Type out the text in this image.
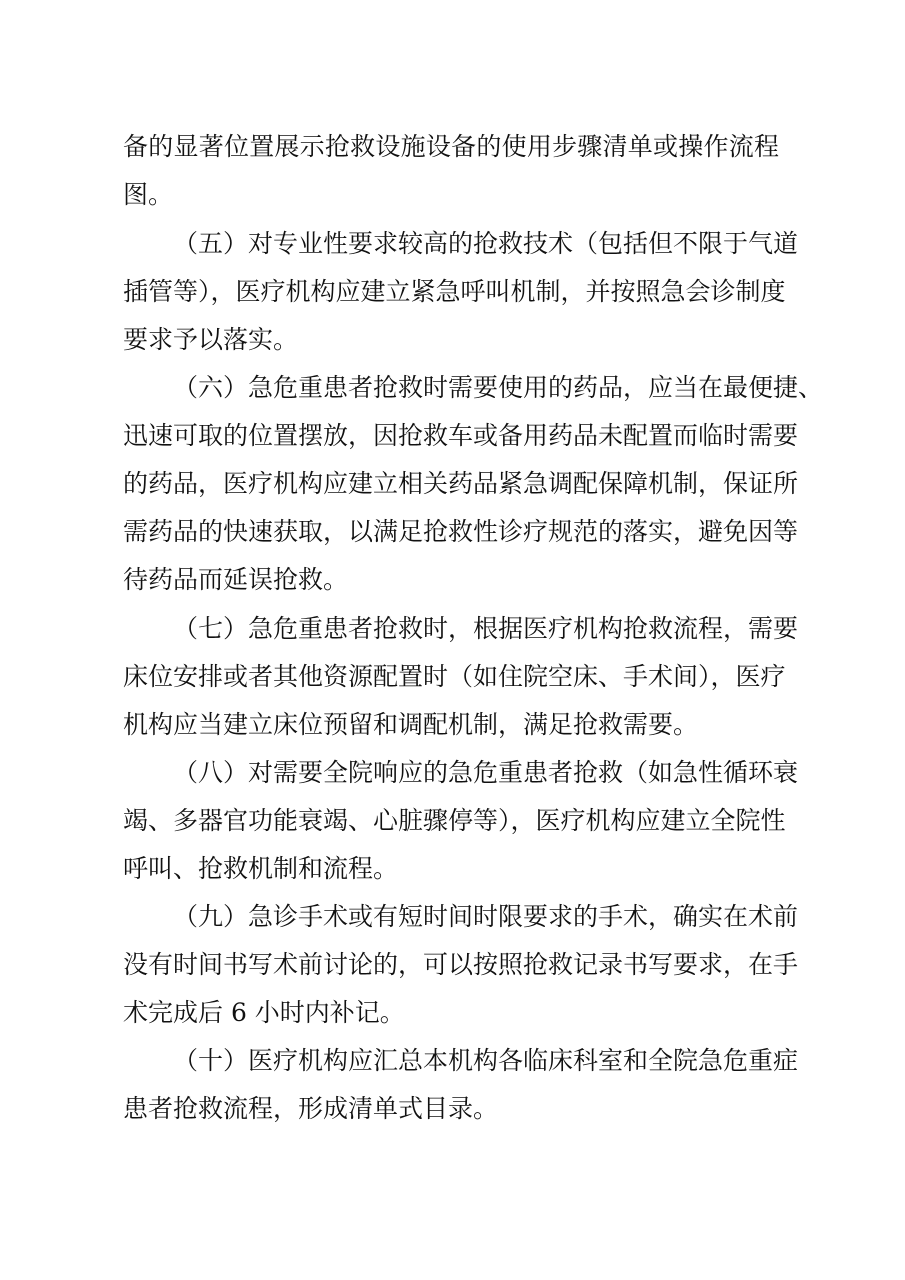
备的显著位置展示抢救设施设备的使用步骤清单或操作流程
图。
（五）对专业性要求较高的抢救技术（包括但不限于气道
插管等），医疗机构应建立紧急呼叫机制，并按照急会诊制度
要求予以落实。
（六）急危重患者抢救时需要使用的药品，应当在最便捷、
迅速可取的位置摆放，因抢救车或备用药品未配置而临时需要
的药品，医疗机构应建立相关药品紧急调配保障机制，保证所
需药品的快速获取，以满足抢救性诊疗规范的落实，避免因等
待药品而延误抢救。
（七）急危重患者抢救时，根据医疗机构抢救流程，需要
床位安排或者其他资源配置时（如住院空床、手术间），医疗
机构应当建立床位预留和调配机制，满足抢救需要。
（八）对需要全院响应的急危重患者抢救（如急性循环衰
竭、多器官功能衰竭、心脏骤停等），医疗机构应建立全院性
呼叫、抢救机制和流程。
（九）急诊手术或有短时间时限要求的手术，确实在术前
没有时间书写术前讨论的，可以按照抢救记录书写要求，在手
术完成后 6 小时内补记。
（十）医疗机构应汇总本机构各临床科室和全院急危重症
患者抢救流程，形成清单式目录。
